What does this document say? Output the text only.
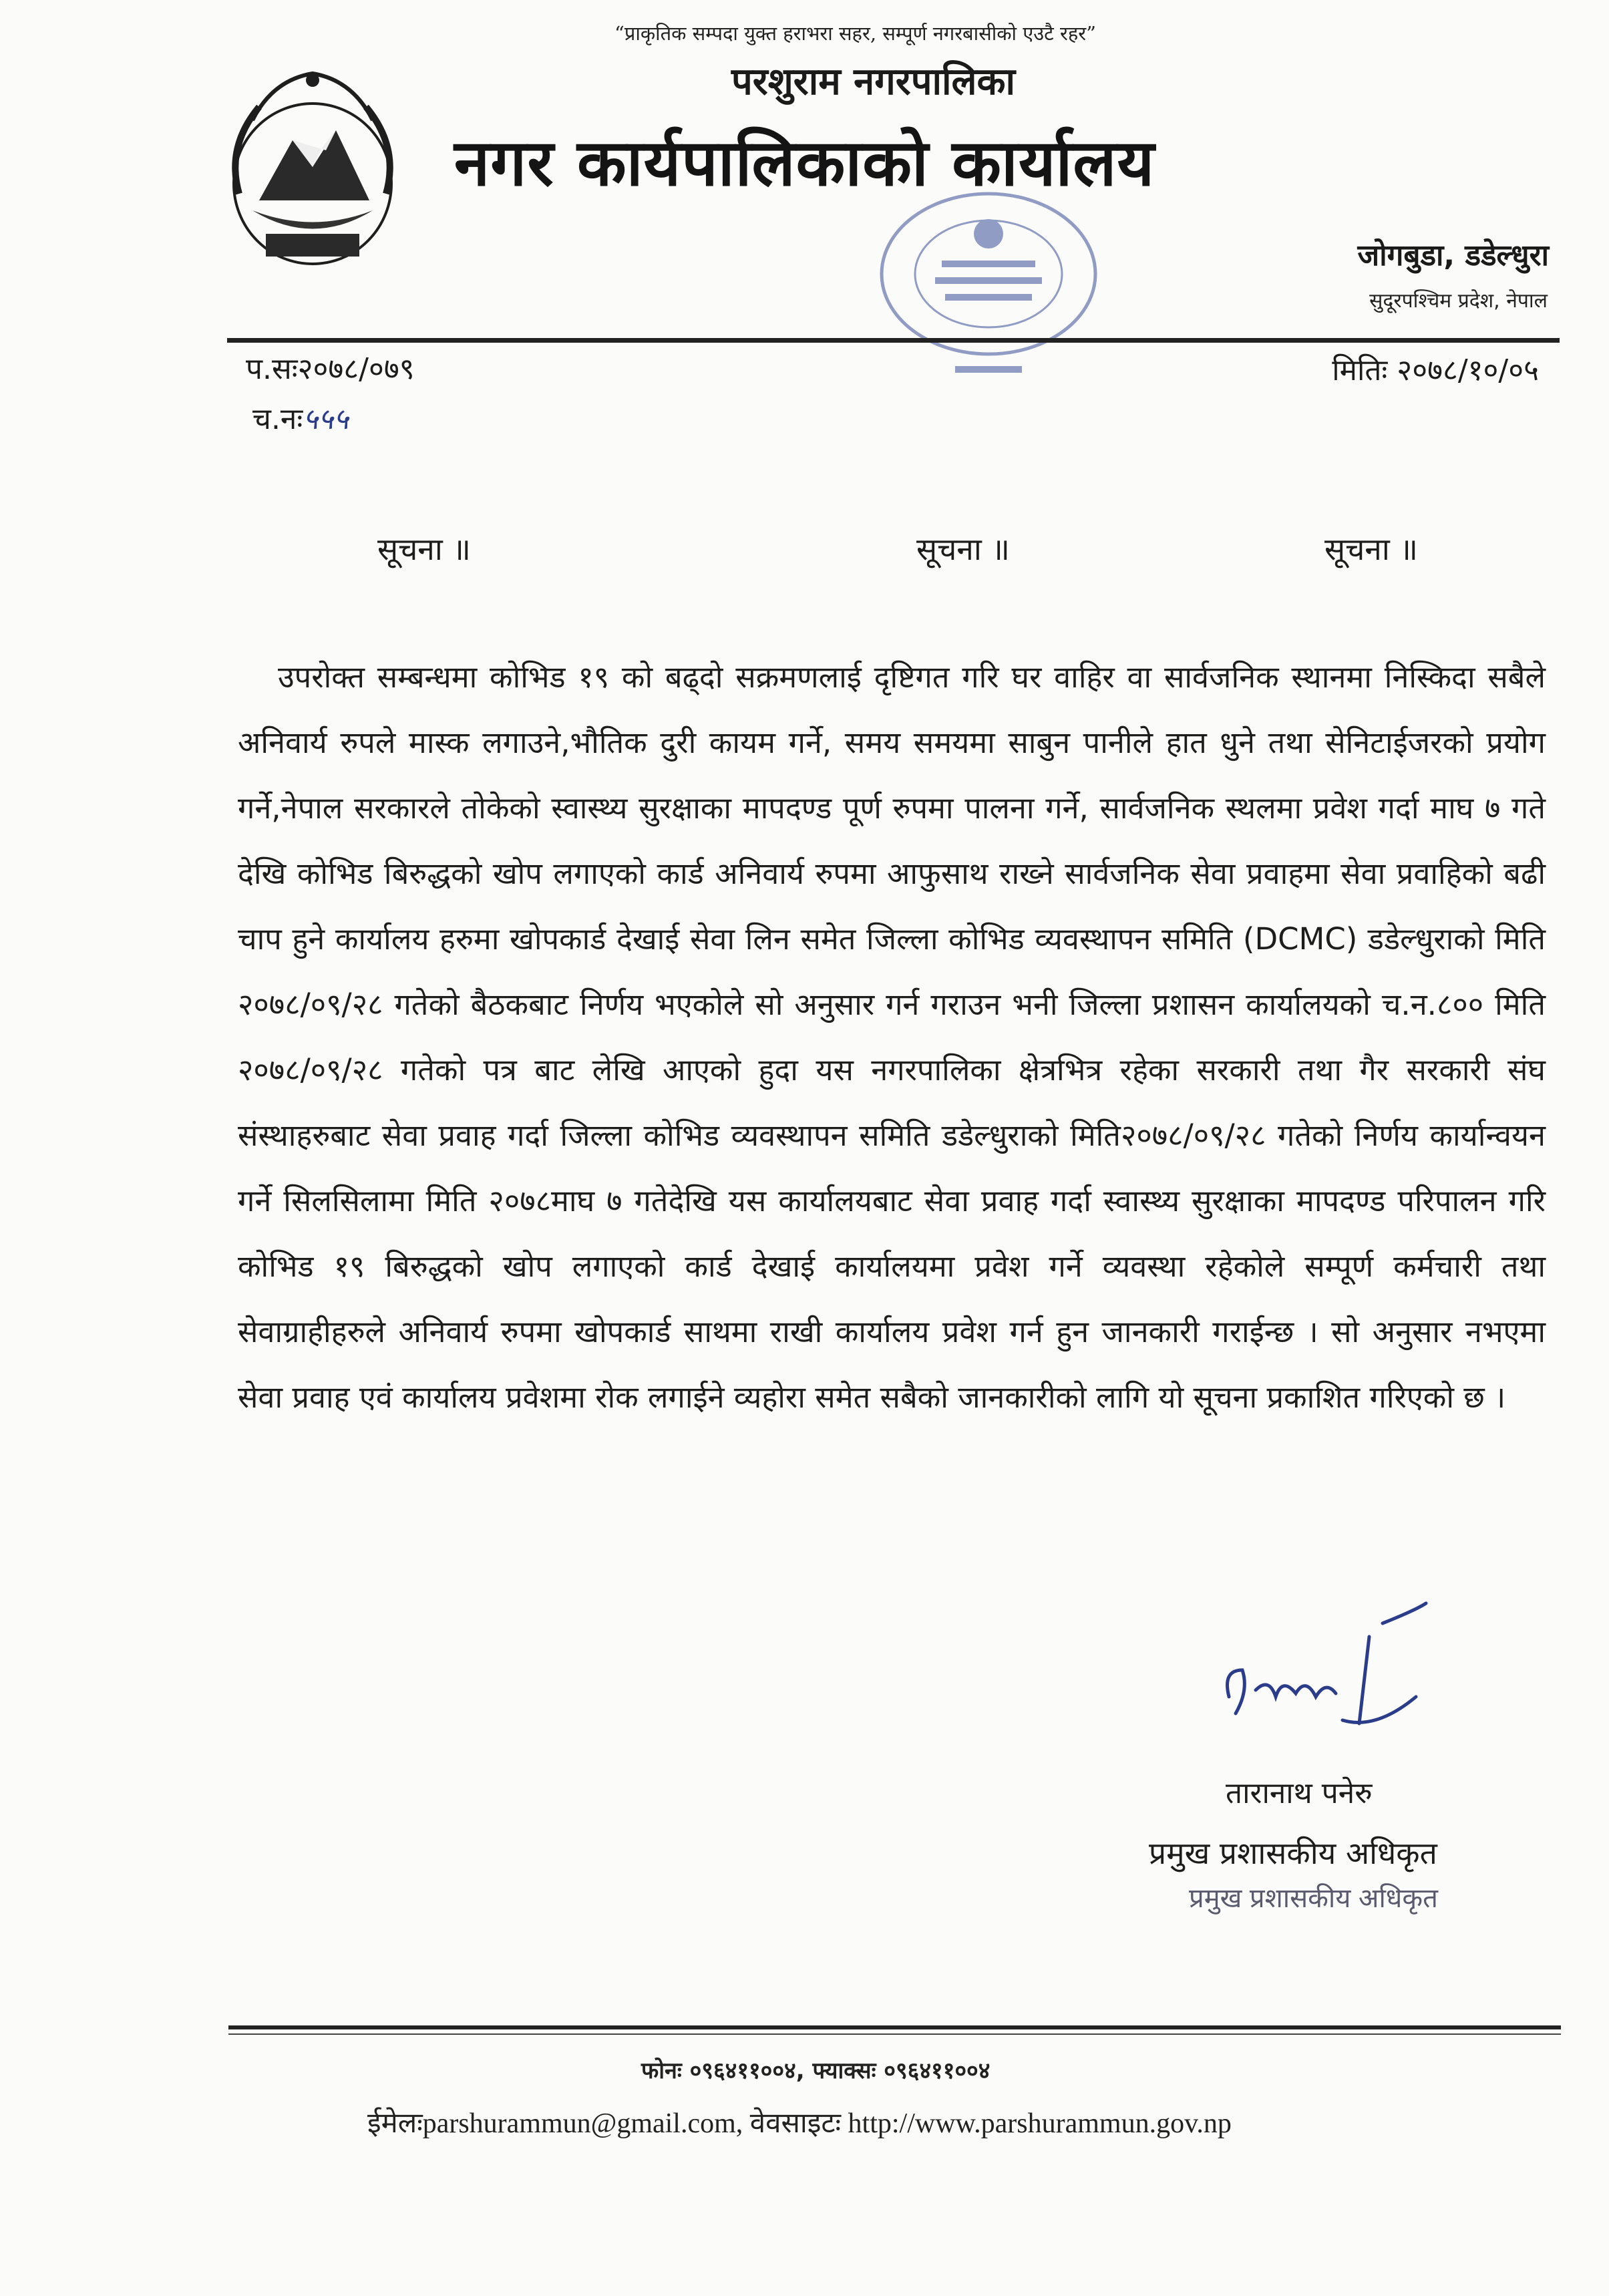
“प्राकृतिक सम्पदा युक्त हराभरा सहर, सम्पूर्ण नगरबासीको एउटै रहर”
परशुराम नगरपालिका
नगर कार्यपालिकाको कार्यालय
जोगबुडा, डडेल्धुरा
सुदूरपश्चिम प्रदेश, नेपाल
प.सः२०७८/०७९
च.नः५५५
मितिः २०७८/१०/०५
सूचना ॥	सूचना ॥	सूचना ॥
उपरोक्त सम्बन्धमा कोभिड १९ को बढ्दो सक्रमणलाई दृष्टिगत गरि घर वाहिर वा सार्वजनिक स्थानमा निस्किदा सबैले अनिवार्य रुपले मास्क लगाउने,भौतिक दुरी कायम गर्ने, समय समयमा साबुन पानीले हात धुने तथा सेनिटाईजरको प्रयोग गर्ने,नेपाल सरकारले तोकेको स्वास्थ्य सुरक्षाका मापदण्ड पूर्ण रुपमा पालना गर्ने, सार्वजनिक स्थलमा प्रवेश गर्दा माघ ७ गते देखि कोभिड बिरुद्धको खोप लगाएको कार्ड अनिवार्य रुपमा आफुसाथ राख्ने सार्वजनिक सेवा प्रवाहमा सेवा प्रवाहिको बढी चाप हुने कार्यालय हरुमा खोपकार्ड देखाई सेवा लिन समेत जिल्ला कोभिड व्यवस्थापन समिति (DCMC) डडेल्धुराको मिति २०७८/०९/२८ गतेको बैठकबाट निर्णय भएकोले सो अनुसार गर्न गराउन भनी जिल्ला प्रशासन कार्यालयको च.न.८०० मिति २०७८/०९/२८ गतेको पत्र बाट लेखि आएको हुदा यस नगरपालिका क्षेत्रभित्र रहेका सरकारी तथा गैर सरकारी संघ संस्थाहरुबाट सेवा प्रवाह गर्दा जिल्ला कोभिड व्यवस्थापन समिति डडेल्धुराको मिति२०७८/०९/२८ गतेको निर्णय कार्यान्वयन गर्ने सिलसिलामा मिति २०७८माघ ७ गतेदेखि यस कार्यालयबाट सेवा प्रवाह गर्दा स्वास्थ्य सुरक्षाका मापदण्ड परिपालन गरि कोभिड १९ बिरुद्धको खोप लगाएको कार्ड देखाई कार्यालयमा प्रवेश गर्ने व्यवस्था रहेकोले सम्पूर्ण कर्मचारी तथा सेवाग्राहीहरुले अनिवार्य रुपमा खोपकार्ड साथमा राखी कार्यालय प्रवेश गर्न हुन जानकारी गराईन्छ । सो अनुसार नभएमा सेवा प्रवाह एवं कार्यालय प्रवेशमा रोक लगाईने व्यहोरा समेत सबैको जानकारीको लागि यो सूचना प्रकाशित गरिएको छ ।
तारानाथ पनेरु
प्रमुख प्रशासकीय अधिकृत
प्रमुख प्रशासकीय अधिकृत
फोनः ०९६४११००४, फ्याक्सः ०९६४११००४
ईमेलःparshurammun@gmail.com, वेवसाइटः http://www.parshurammun.gov.np
